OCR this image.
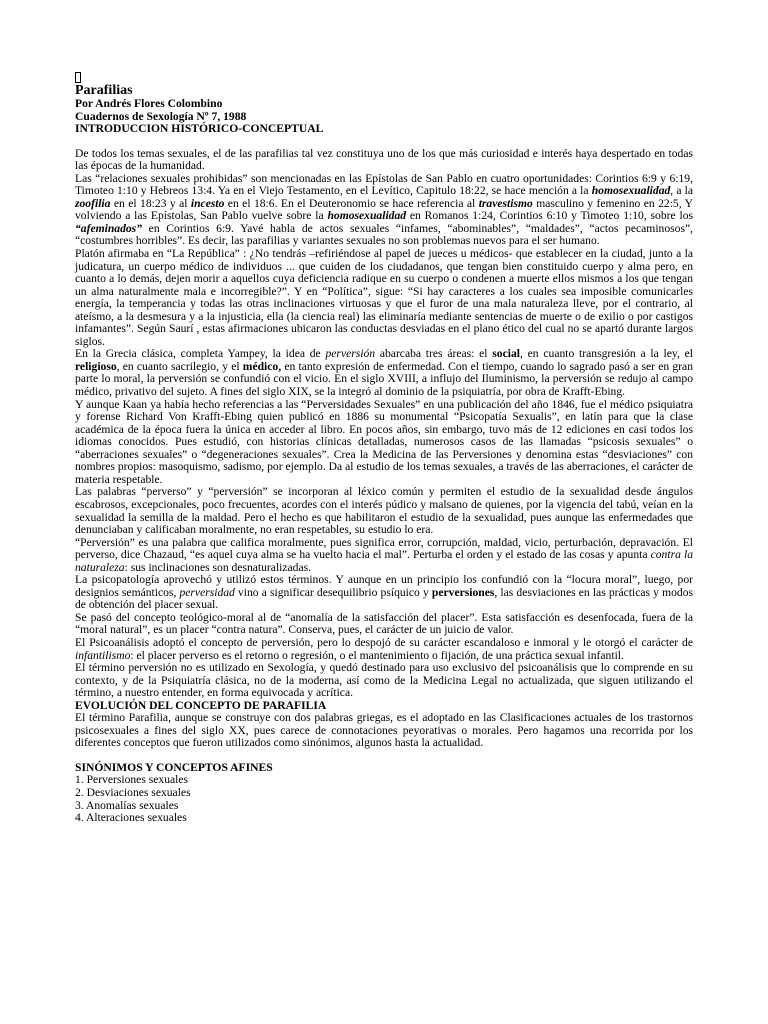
Parafilias
Por Andrés Flores Colombino
Cuadernos de Sexología Nº 7, 1988
INTRODUCCION HISTÓRICO-CONCEPTUAL

De todos los temas sexuales, el de las parafilias tal vez constituya uno de los que más curiosidad e interés haya despertado en todas las épocas de la humanidad.

Las “relaciones sexuales prohibidas” son mencionadas en las Epístolas de San Pablo en cuatro oportunidades: Corintios 6:9 y 6:19, Timoteo 1:10 y Hebreos 13:4. Ya en el Viejo Testamento, en el Levítico, Capitulo 18:22, se hace mención a la homosexualidad, a la zoofilia en el 18:23 y al incesto en el 18:6. En el Deuteronomio se hace referencia al travestismo masculino y femenino en 22:5, Y volviendo a las Epístolas, San Pablo vuelve sobre la homosexualidad en Romanos 1:24, Corintios 6:10 y Timoteo 1:10, sobre los “afeminados” en Corintios 6:9. Yavé habla de actos sexuales “infames, “abominables”, “maldades”, “actos pecaminosos”, “costumbres horribles”. Es decir, las parafilias y variantes sexuales no son problemas nuevos para el ser humano.

Platón afirmaba en “La República” : ¿No tendrás –refiriéndose al papel de jueces u médicos- que establecer en la ciudad, junto a la judicatura, un cuerpo médico de individuos ... que cuiden de los ciudadanos, que tengan bien constituido cuerpo y alma pero, en cuanto a lo demás, dejen morir a aquellos cuya deficiencia radique en su cuerpo o condenen a muerte ellos mismos a los que tengan un alma naturalmente mala e incorregible?”. Y en “Política”, sigue: “Si hay caracteres a los cuales sea imposible comunicarles energía, la temperancia y todas las otras inclinaciones virtuosas y que el furor de una mala naturaleza lleve, por el contrario, al ateísmo, a la desmesura y a la injusticia, ella (la ciencia real) las eliminaría mediante sentencias de muerte o de exilio o por castigos infamantes”. Según Saurí , estas afirmaciones ubicaron las conductas desviadas en el plano ético del cual no se apartó durante largos siglos.

En la Grecia clásica, completa Yampey, la idea de perversión abarcaba tres áreas: el social, en cuanto transgresión a la ley, el religioso, en cuanto sacrilegio, y el médico, en tanto expresión de enfermedad. Con el tiempo, cuando lo sagrado pasó a ser en gran parte lo moral, la perversión se confundió con el vicio. En el siglo XVIII, a influjo del Iluminismo, la perversión se redujo al campo médico, privativo del sujeto. A fines del siglo XIX, se la integró al dominio de la psiquiatría, por obra de Krafft-Ebing.

Y aunque Kaan ya había hecho referencias a las “Perversidades Sexuales” en una publicación del año 1846, fue el médico psiquiatra y forense Richard Von Krafft-Ebing quien publicó en 1886 su monumental “Psicopatía Sexualis”, en latín para que la clase académica de la época fuera la única en acceder al libro. En pocos años, sin embargo, tuvo más de 12 ediciones en casi todos los idiomas conocidos. Pues estudió, con historias clínicas detalladas, numerosos casos de las llamadas “psicosis sexuales” o “aberraciones sexuales” o “degeneraciones sexuales”. Crea la Medicina de las Perversiones y denomina estas “desviaciones” con nombres propios: masoquismo, sadismo, por ejemplo. Da al estudio de los temas sexuales, a través de las aberraciones, el carácter de materia respetable.

Las palabras “perverso” y “perversión” se incorporan al léxico común y permiten el estudio de la sexualidad desde ángulos escabrosos, excepcionales, poco frecuentes, acordes con el interés púdico y malsano de quienes, por la vigencia del tabú, veían en la sexualidad la semilla de la maldad. Pero el hecho es que habilitaron el estudio de la sexualidad, pues aunque las enfermedades que denunciaban y calificaban moralmente, no eran respetables, su estudio lo era.

“Perversión” es una palabra que califica moralmente, pues significa error, corrupción, maldad, vicio, perturbación, depravación. El perverso, dice Chazaud, “es aquel cuya alma se ha vuelto hacia el mal”. Perturba el orden y el estado de las cosas y apunta contra la naturaleza: sus inclinaciones son desnaturalizadas.

La psicopatología aprovechó y utilizó estos términos. Y aunque en un principio los confundió con la “locura moral”, luego, por designios semánticos, perversidad vino a significar desequilibrio psíquico y perversiones, las desviaciones en las prácticas y modos de obtención del placer sexual.

Se pasó del concepto teológico-moral al de “anomalía de la satisfacción del placer”. Esta satisfacción es desenfocada, fuera de la “moral natural”, es un placer “contra natura”. Conserva, pues, el carácter de un juicio de valor.

El Psicoanálisis adoptó el concepto de perversión, pero lo despojó de su carácter escandaloso e inmoral y le otorgó el carácter de infantilismo: el placer perverso es el retorno o regresión, o el mantenimiento o fijación, de una práctica sexual infantil.

El término perversión no es utilizado en Sexología, y quedó destinado para uso exclusivo del psicoanálisis que lo comprende en su contexto, y de la Psiquiatría clásica, no de la moderna, así como de la Medicina Legal no actualizada, que siguen utilizando el término, a nuestro entender, en forma equivocada y acrítica.

EVOLUCIÓN DEL CONCEPTO DE PARAFILIA

El término Parafilia, aunque se construye con dos palabras griegas, es el adoptado en las Clasificaciones actuales de los trastornos psicosexuales a fines del siglo XX, pues carece de connotaciones peyorativas o morales. Pero hagamos una recorrida por los diferentes conceptos que fueron utilizados como sinónimos, algunos hasta la actualidad.

SINÓNIMOS Y CONCEPTOS AFINES
1. Perversiones sexuales
2. Desviaciones sexuales
3. Anomalías sexuales
4. Alteraciones sexuales
